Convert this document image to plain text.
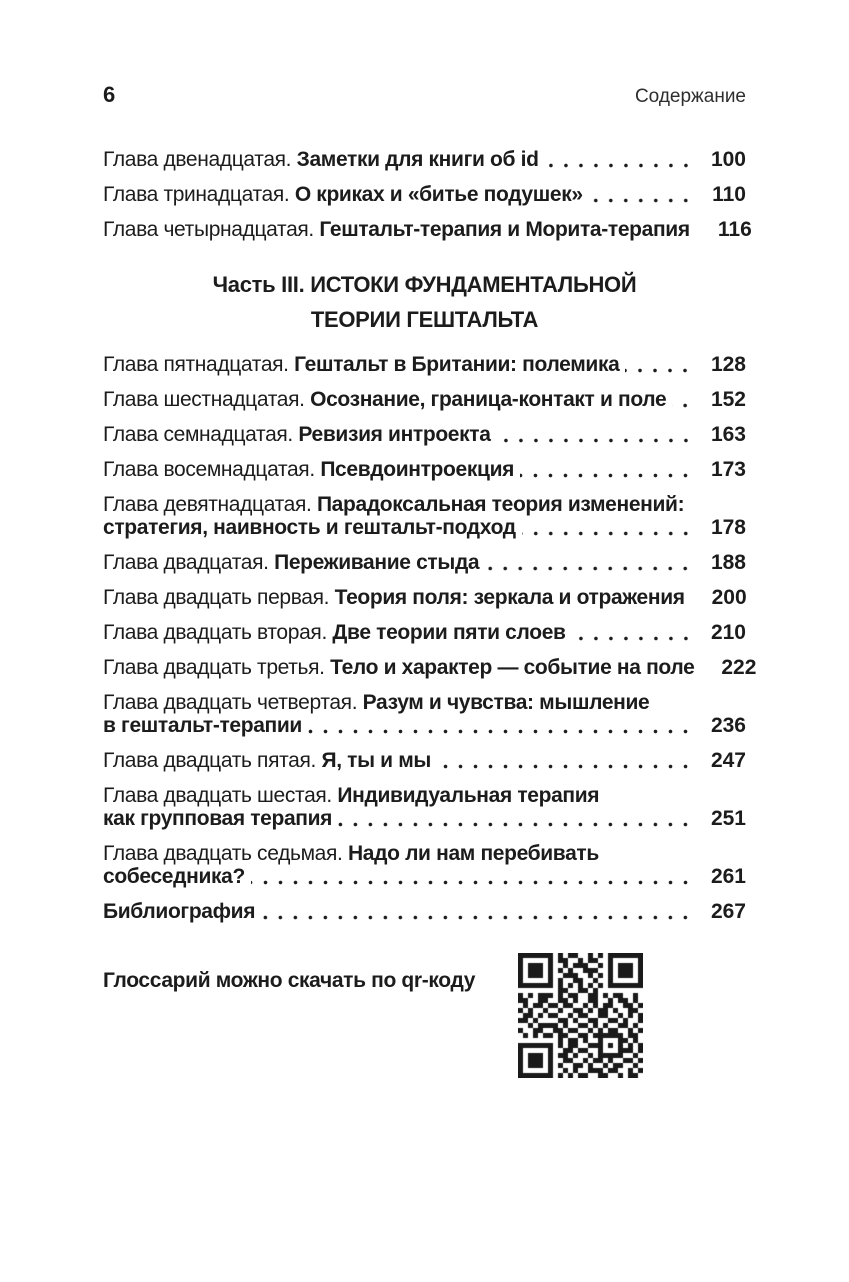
6	Содержание
Глава двенадцатая. Заметки для книги об id	100
Глава тринадцатая. О криках и «битье подушек»	110
Глава четырнадцатая. Гештальт-терапия и Морита-терапия	116
Часть III. ИСТОКИ ФУНДАМЕНТАЛЬНОЙ
ТЕОРИИ ГЕШТАЛЬТА
Глава пятнадцатая. Гештальт в Британии: полемика	128
Глава шестнадцатая. Осознание, граница-контакт и поле	152
Глава семнадцатая. Ревизия интроекта	163
Глава восемнадцатая. Псевдоинтроекция	173
Глава девятнадцатая. Парадоксальная теория изменений:
стратегия, наивность и гештальт-подход	178
Глава двадцатая. Переживание стыда	188
Глава двадцать первая. Теория поля: зеркала и отражения	200
Глава двадцать вторая. Две теории пяти слоев	210
Глава двадцать третья. Тело и характер — событие на поле	222
Глава двадцать четвертая. Разум и чувства: мышление
в гештальт-терапии	236
Глава двадцать пятая. Я, ты и мы	247
Глава двадцать шестая. Индивидуальная терапия
как групповая терапия	251
Глава двадцать седьмая. Надо ли нам перебивать
собеседника?	261
Библиография	267
Глоссарий можно скачать по qr-коду
